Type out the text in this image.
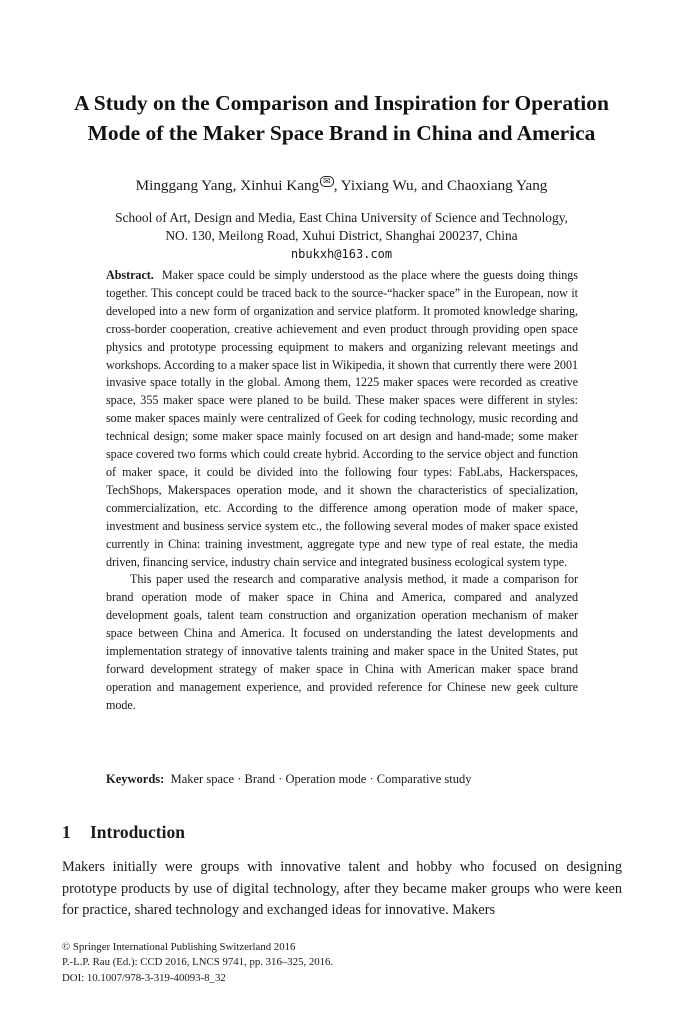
A Study on the Comparison and Inspiration for Operation
Mode of the Maker Space Brand in China and America
Minggang Yang, Xinhui Kang ✉ , Yixiang Wu, and Chaoxiang Yang
School of Art, Design and Media, East China University of Science and Technology,
NO. 130, Meilong Road, Xuhui District, Shanghai 200237, China
nbukxh@163.com

Abstract. Maker space could be simply understood as the place where the guests doing things together. This concept could be traced back to the source-“hacker space” in the European, now it developed into a new form of organization and service platform. It promoted knowledge sharing, cross-border cooperation, creative achievement and even product through providing open space physics and prototype processing equipment to makers and organizing relevant meetings and workshops. According to a maker space list in Wikipedia, it shown that currently there were 2001 invasive space totally in the global. Among them, 1225 maker spaces were recorded as creative space, 355 maker space were planed to be build. These maker spaces were different in styles: some maker spaces mainly were centralized of Geek for coding technology, music recording and technical design; some maker space mainly focused on art design and hand-made; some maker space covered two forms which could create hybrid. According to the service object and function of maker space, it could be divided into the following four types: FabLabs, Hackerspaces, TechShops, Makerspaces operation mode, and it shown the characteristics of specialization, commercialization, etc. According to the difference among operation mode of maker space, investment and business service system etc., the following several modes of maker space existed currently in China: training investment, aggregate type and new type of real estate, the media driven, financing service, industry chain service and integrated business ecological system type.

This paper used the research and comparative analysis method, it made a comparison for brand operation mode of maker space in China and America, compared and analyzed development goals, talent team construction and organization operation mechanism of maker space between China and America. It focused on understanding the latest developments and implementation strategy of innovative talents training and maker space in the United States, put forward development strategy of maker space in China with American maker space brand operation and management experience, and provided reference for Chinese new geek culture mode.

Keywords: Maker space · Brand · Operation mode · Comparative study
1 Introduction

Makers initially were groups with innovative talent and hobby who focused on designing prototype products by use of digital technology, after they became maker groups who were keen for practice, shared technology and exchanged ideas for innovative. Makers

© Springer International Publishing Switzerland 2016
P.-L.P. Rau (Ed.): CCD 2016, LNCS 9741, pp. 316–325, 2016.
DOI: 10.1007/978-3-319-40093-8_32
